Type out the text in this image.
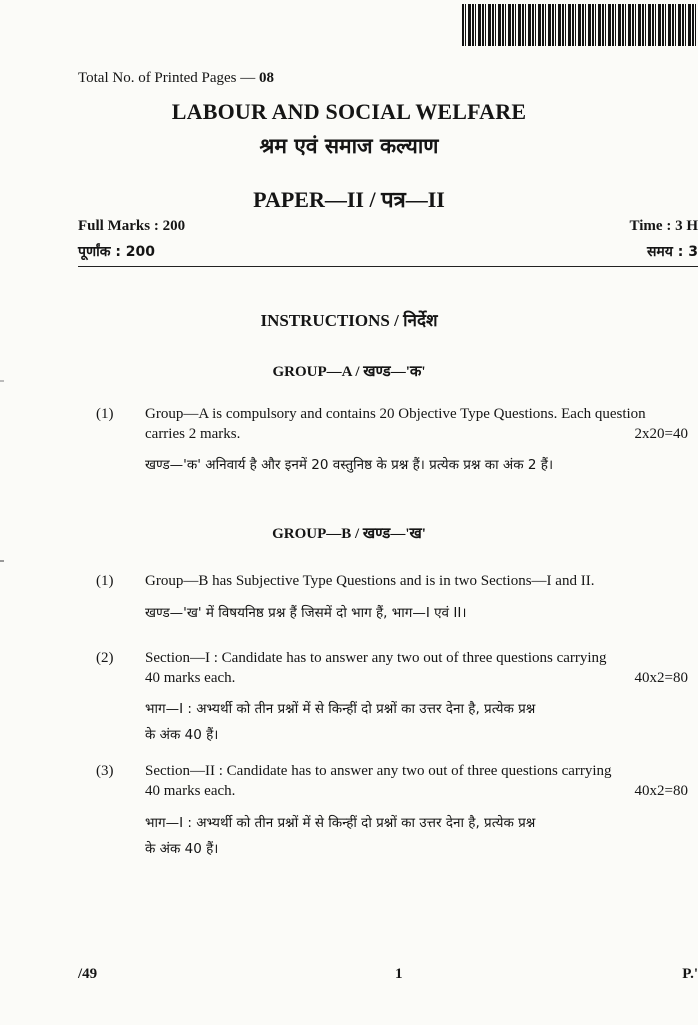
Total No. of Printed Pages — 08
LABOUR AND SOCIAL WELFARE
श्रम एवं समाज कल्याण
PAPER—II / पत्र—II
Full Marks : 200
पूर्णांक : 200
Time : 3 H
समय : 3
INSTRUCTIONS / निर्देश
GROUP—A / खण्ड—'क'
(1) Group—A is compulsory and contains 20 Objective Type Questions. Each question
carries 2 marks.	2x20=40
खण्ड—'क' अनिवार्य है और इनमें 20 वस्तुनिष्ठ के प्रश्न हैं। प्रत्येक प्रश्न का अंक 2 हैं।
GROUP—B / खण्ड—'ख'
(1) Group—B has Subjective Type Questions and is in two Sections—I and II.
खण्ड—'ख' में विषयनिष्ठ प्रश्न हैं जिसमें दो भाग हैं, भाग—I एवं II।
(2) Section—I : Candidate has to answer any two out of three questions carrying
40 marks each.	40x2=80
भाग—I : अभ्यर्थी को तीन प्रश्नों में से किन्हीं दो प्रश्नों का उत्तर देना है, प्रत्येक प्रश्न
के अंक 40 हैं।
(3) Section—II : Candidate has to answer any two out of three questions carrying
40 marks each.	40x2=80
भाग—I : अभ्यर्थी को तीन प्रश्नों में से किन्हीं दो प्रश्नों का उत्तर देना है, प्रत्येक प्रश्न
के अंक 40 हैं।
/49	1	P.'
